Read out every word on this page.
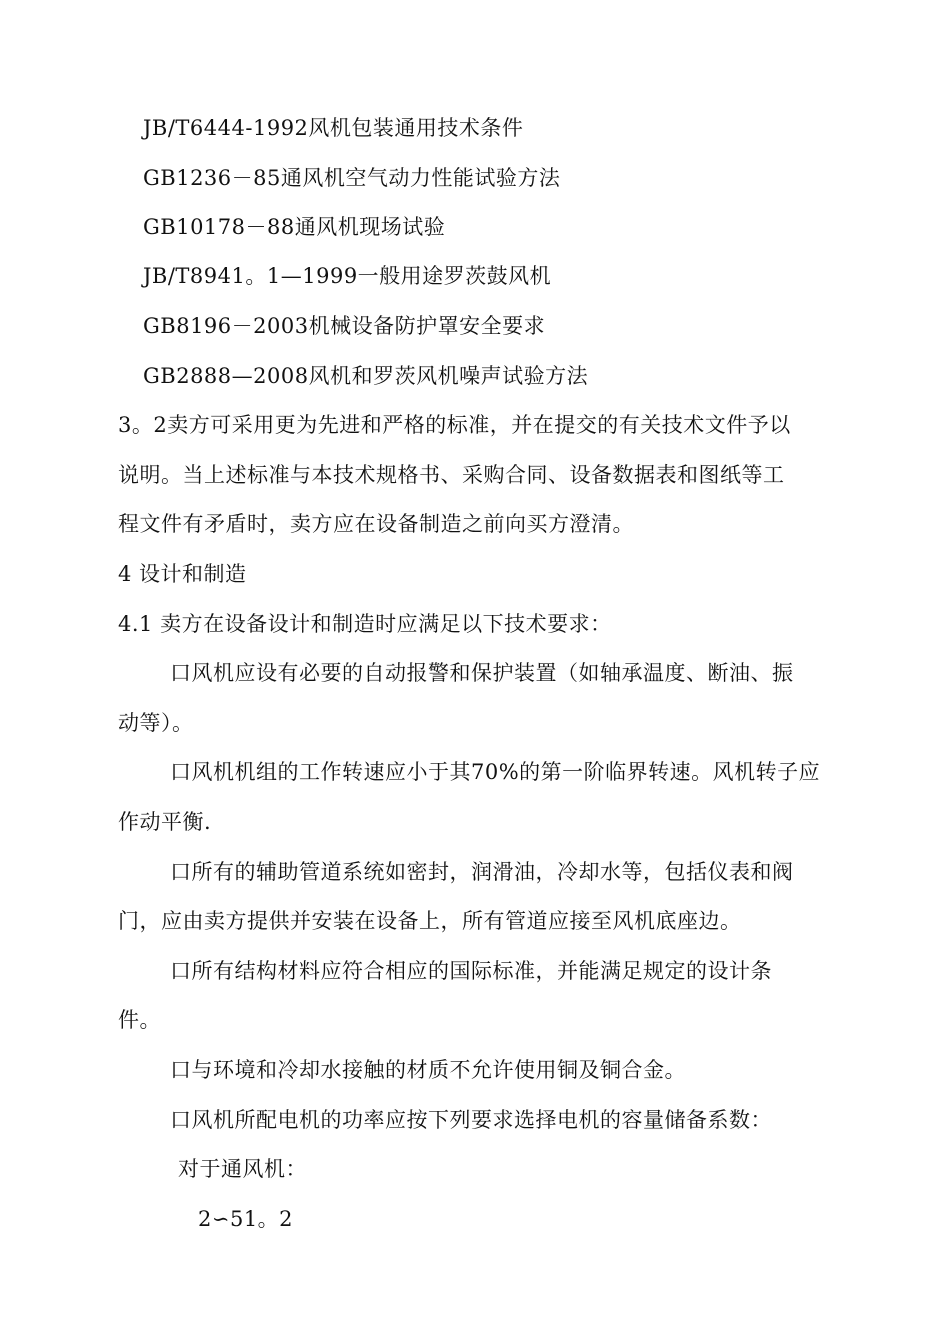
JB/T6444-1992风机包装通用技术条件
GB1236－85通风机空气动力性能试验方法
GB10178－88通风机现场试验
JB/T8941。1—1999一般用途罗茨鼓风机
GB8196－2003机械设备防护罩安全要求
GB2888—2008风机和罗茨风机噪声试验方法
3。2卖方可采用更为先进和严格的标准，并在提交的有关技术文件予以
说明。当上述标准与本技术规格书、采购合同、设备数据表和图纸等工
程文件有矛盾时，卖方应在设备制造之前向买方澄清。
4 设计和制造
4.1 卖方在设备设计和制造时应满足以下技术要求：
口风机应设有必要的自动报警和保护装置（如轴承温度、断油、振
动等）。
口风机机组的工作转速应小于其70%的第一阶临界转速。风机转子应
作动平衡.
口所有的辅助管道系统如密封，润滑油，冷却水等，包括仪表和阀
门，应由卖方提供并安装在设备上，所有管道应接至风机底座边。
口所有结构材料应符合相应的国际标准，并能满足规定的设计条
件。
口与环境和冷却水接触的材质不允许使用铜及铜合金。
口风机所配电机的功率应按下列要求选择电机的容量储备系数：
对于通风机：
2∽51。2
